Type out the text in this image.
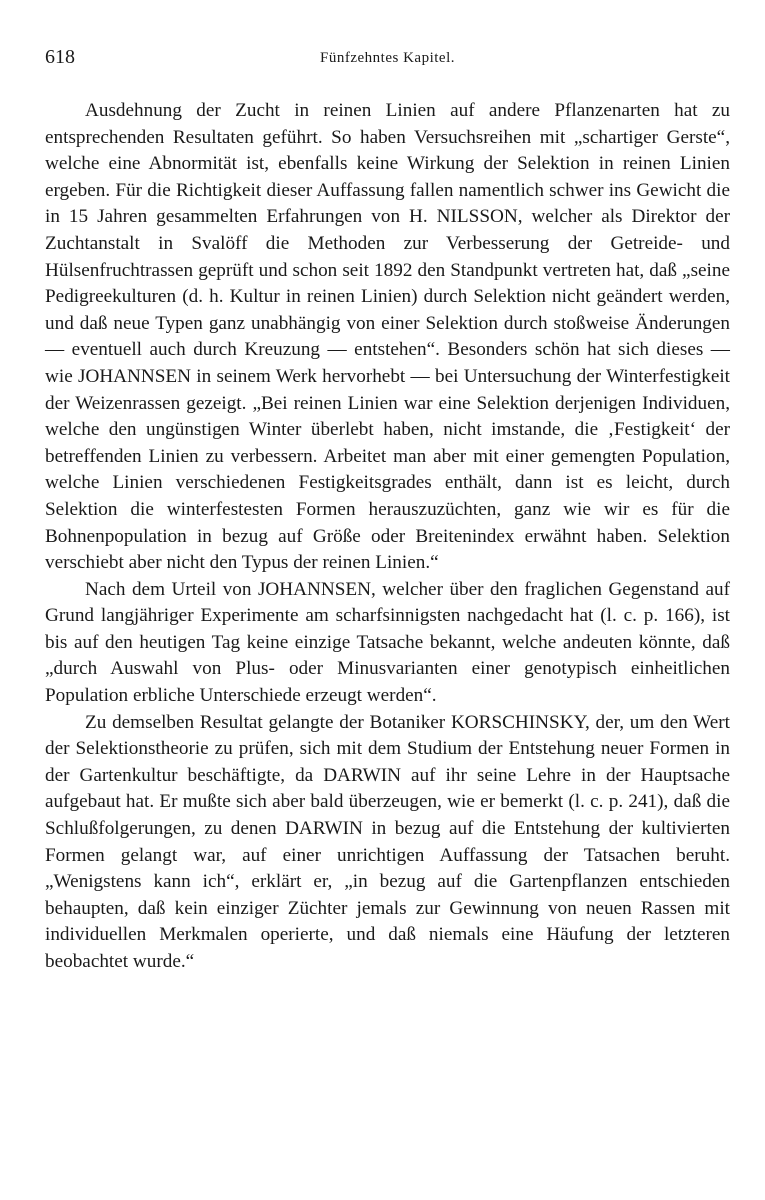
618	Fünfzehntes Kapitel.

Ausdehnung der Zucht in reinen Linien auf andere Pflanzenarten hat zu entsprechenden Resultaten geführt. So haben Versuchsreihen mit „schartiger Gerste“, welche eine Abnormität ist, ebenfalls keine Wirkung der Selektion in reinen Linien ergeben. Für die Richtigkeit dieser Auffassung fallen namentlich schwer ins Gewicht die in 15 Jahren gesammelten Erfahrungen von H. NILSSON, welcher als Direktor der Zuchtanstalt in Svalöff die Methoden zur Verbesserung der Getreide- und Hülsenfruchtrassen geprüft und schon seit 1892 den Standpunkt vertreten hat, daß „seine Pedigreekulturen (d. h. Kultur in reinen Linien) durch Selektion nicht geändert werden, und daß neue Typen ganz unabhängig von einer Selektion durch stoßweise Änderungen — eventuell auch durch Kreuzung — entstehen“. Besonders schön hat sich dieses — wie JOHANNSEN in seinem Werk hervorhebt — bei Untersuchung der Winterfestigkeit der Weizenrassen gezeigt. „Bei reinen Linien war eine Selektion derjenigen Individuen, welche den ungünstigen Winter überlebt haben, nicht imstande, die ‚Festigkeit‘ der betreffenden Linien zu verbessern. Arbeitet man aber mit einer gemengten Population, welche Linien verschiedenen Festigkeitsgrades enthält, dann ist es leicht, durch Selektion die winterfestesten Formen herauszuzüchten, ganz wie wir es für die Bohnenpopulation in bezug auf Größe oder Breitenindex erwähnt haben. Selektion verschiebt aber nicht den Typus der reinen Linien.“

Nach dem Urteil von JOHANNSEN, welcher über den fraglichen Gegenstand auf Grund langjähriger Experimente am scharfsinnigsten nachgedacht hat (l. c. p. 166), ist bis auf den heutigen Tag keine einzige Tatsache bekannt, welche andeuten könnte, daß „durch Auswahl von Plus- oder Minusvarianten einer genotypisch einheitlichen Population erbliche Unterschiede erzeugt werden“.

Zu demselben Resultat gelangte der Botaniker KORSCHINSKY, der, um den Wert der Selektionstheorie zu prüfen, sich mit dem Studium der Entstehung neuer Formen in der Gartenkultur beschäftigte, da DARWIN auf ihr seine Lehre in der Hauptsache aufgebaut hat. Er mußte sich aber bald überzeugen, wie er bemerkt (l. c. p. 241), daß die Schlußfolgerungen, zu denen DARWIN in bezug auf die Entstehung der kultivierten Formen gelangt war, auf einer unrichtigen Auffassung der Tatsachen beruht. „Wenigstens kann ich“, erklärt er, „in bezug auf die Gartenpflanzen entschieden behaupten, daß kein einziger Züchter jemals zur Gewinnung von neuen Rassen mit individuellen Merkmalen operierte, und daß niemals eine Häufung der letzteren beobachtet wurde.“
